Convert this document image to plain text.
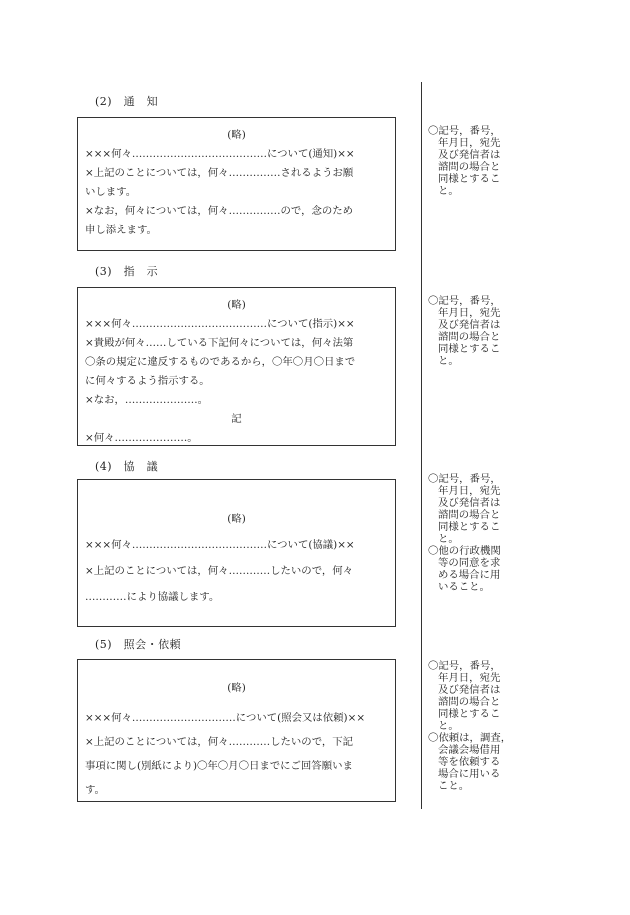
(2)　通　知
(略)
×××何々…………………………………について(通知)××
×上記のことについては，何々……………されるようお願
いします。
×なお，何々については，何々……………ので，念のため
申し添えます。
〇記号，番号，
年月日，宛先
及び発信者は
諮問の場合と
同様とするこ
と。
(3)　指　示
(略)
×××何々…………………………………について(指示)××
×貴殿が何々……している下記何々については，何々法第
〇条の規定に違反するものであるから，〇年〇月〇日まで
に何々するよう指示する。
×なお，…………………。
記
×何々…………………。
〇記号，番号，
年月日，宛先
及び発信者は
諮問の場合と
同様とするこ
と。
(4)　協　議
(略)
×××何々…………………………………について(協議)××
×上記のことについては，何々…………したいので，何々
…………により協議します。
〇記号，番号，
年月日，宛先
及び発信者は
諮問の場合と
同様とするこ
と。
〇他の行政機関
等の同意を求
める場合に用
いること。
(5)　照会・依頼
(略)
×××何々…………………………について(照会又は依頼)××
×上記のことについては，何々…………したいので，下記
事項に関し(別紙により)〇年〇月〇日までにご回答願いま
す。
〇記号，番号，
年月日，宛先
及び発信者は
諮問の場合と
同様とするこ
と。
〇依頼は，調査，
会議会場借用
等を依頼する
場合に用いる
こと。
